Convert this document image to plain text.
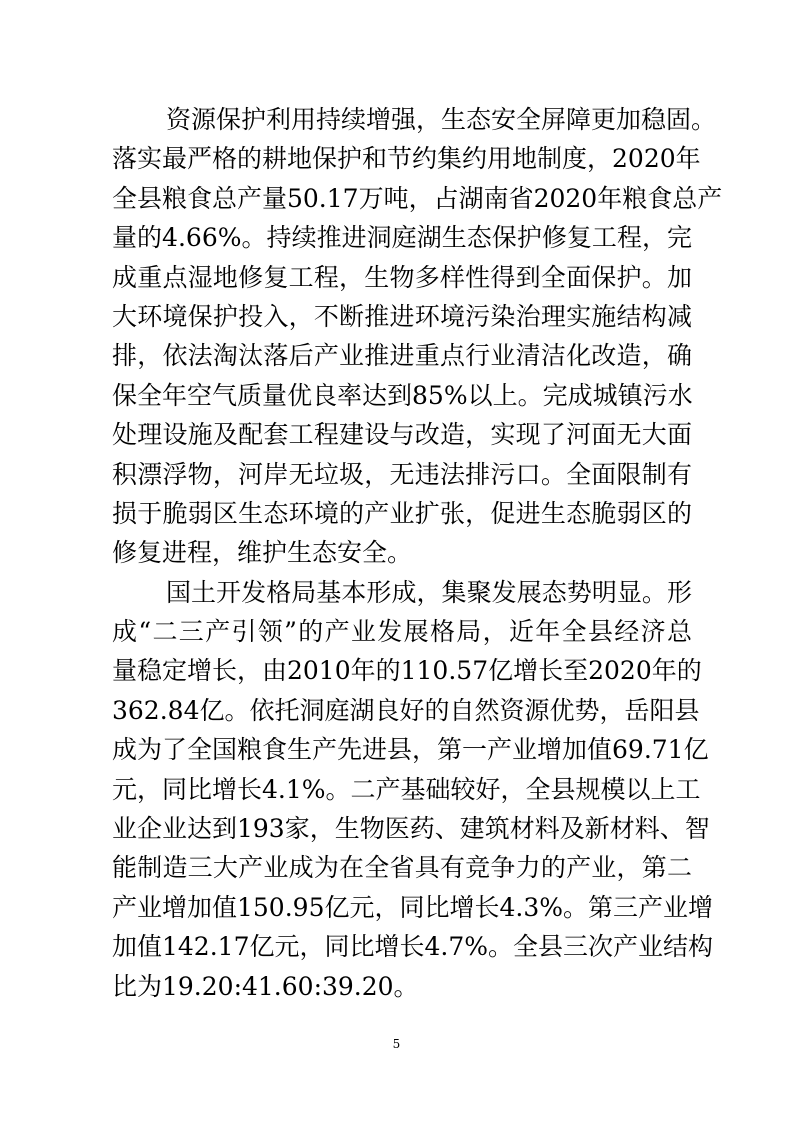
资源保护利用持续增强，生态安全屏障更加稳固。
落实最严格的耕地保护和节约集约用地制度，2020年
全县粮食总产量50.17万吨，占湖南省2020年粮食总产
量的4.66%。持续推进洞庭湖生态保护修复工程，完
成重点湿地修复工程，生物多样性得到全面保护。加
大环境保护投入，不断推进环境污染治理实施结构减
排，依法淘汰落后产业推进重点行业清洁化改造，确
保全年空气质量优良率达到85%以上。完成城镇污水
处理设施及配套工程建设与改造，实现了河面无大面
积漂浮物，河岸无垃圾，无违法排污口。全面限制有
损于脆弱区生态环境的产业扩张，促进生态脆弱区的
修复进程，维护生态安全。
国土开发格局基本形成，集聚发展态势明显。形
成“二三产引领”的产业发展格局，近年全县经济总
量稳定增长，由2010年的110.57亿增长至2020年的
362.84亿。依托洞庭湖良好的自然资源优势，岳阳县
成为了全国粮食生产先进县，第一产业增加值69.71亿
元，同比增长4.1%。二产基础较好，全县规模以上工
业企业达到193家，生物医药、建筑材料及新材料、智
能制造三大产业成为在全省具有竞争力的产业，第二
产业增加值150.95亿元，同比增长4.3%。第三产业增
加值142.17亿元，同比增长4.7%。全县三次产业结构
比为19.20:41.60:39.20。
5
